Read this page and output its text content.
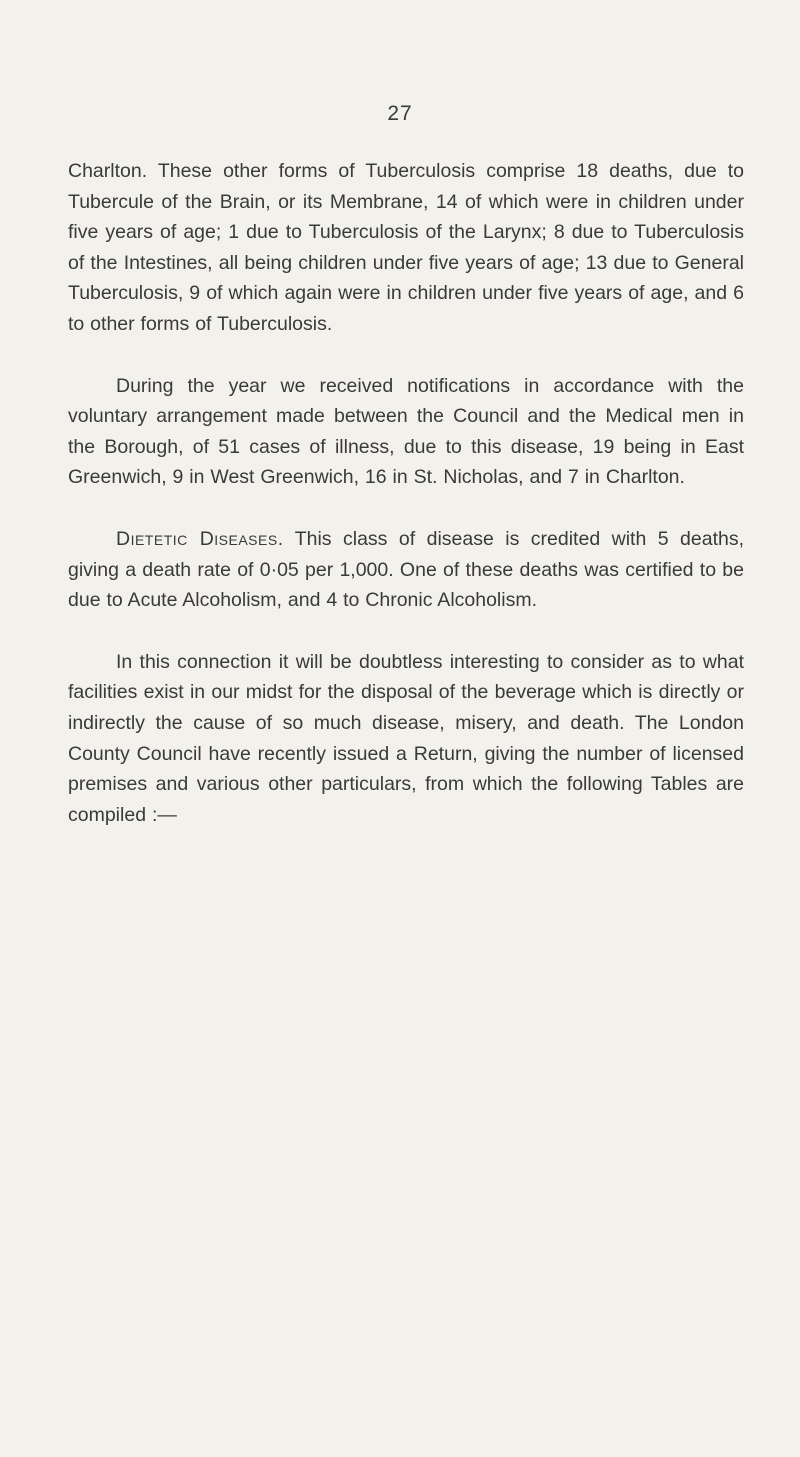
27

Charlton. These other forms of Tuberculosis comprise 18 deaths, due to Tubercule of the Brain, or its Membrane, 14 of which were in children under five years of age; 1 due to Tuberculosis of the Larynx; 8 due to Tuberculosis of the Intestines, all being children under five years of age; 13 due to General Tuberculosis, 9 of which again were in children under five years of age, and 6 to other forms of Tuberculosis.

During the year we received notifications in accordance with the voluntary arrangement made between the Council and the Medical men in the Borough, of 51 cases of illness, due to this disease, 19 being in East Greenwich, 9 in West Greenwich, 16 in St. Nicholas, and 7 in Charlton.

Dietetic Diseases. This class of disease is credited with 5 deaths, giving a death rate of 0·05 per 1,000. One of these deaths was certified to be due to Acute Alcoholism, and 4 to Chronic Alcoholism.

In this connection it will be doubtless interesting to consider as to what facilities exist in our midst for the disposal of the beverage which is directly or indirectly the cause of so much disease, misery, and death. The London County Council have recently issued a Return, giving the number of licensed premises and various other particulars, from which the following Tables are compiled :—
